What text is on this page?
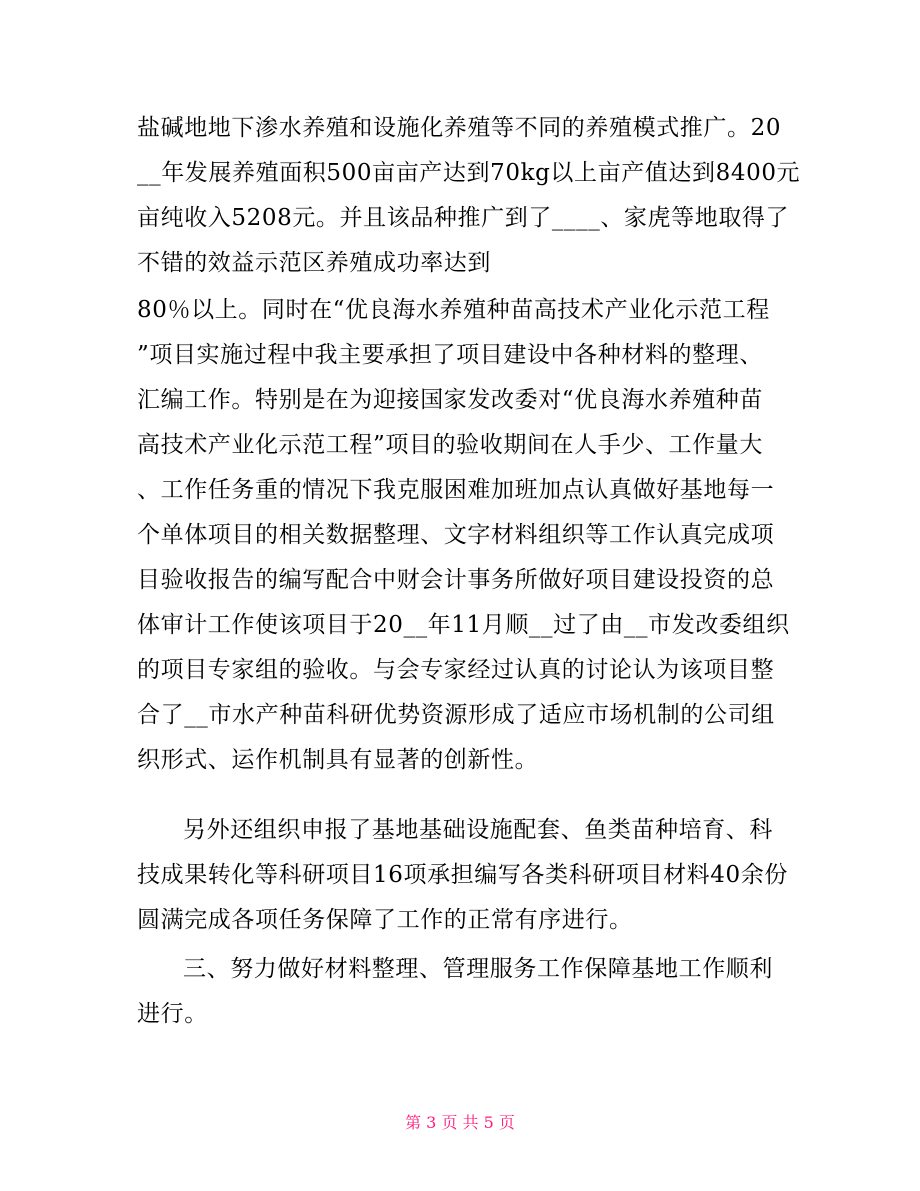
盐碱地地下渗水养殖和设施化养殖等不同的养殖模式推广。20
__年发展养殖面积500亩亩产达到70kg以上亩产值达到8400元
亩纯收入5208元。并且该品种推广到了____、家虎等地取得了
不错的效益示范区养殖成功率达到
80％以上。同时在“优良海水养殖种苗高技术产业化示范工程
”项目实施过程中我主要承担了项目建设中各种材料的整理、
汇编工作。特别是在为迎接国家发改委对“优良海水养殖种苗
高技术产业化示范工程”项目的验收期间在人手少、工作量大
、工作任务重的情况下我克服困难加班加点认真做好基地每一
个单体项目的相关数据整理、文字材料组织等工作认真完成项
目验收报告的编写配合中财会计事务所做好项目建设投资的总
体审计工作使该项目于20__年11月顺__过了由__市发改委组织
的项目专家组的验收。与会专家经过认真的讨论认为该项目整
合了__市水产种苗科研优势资源形成了适应市场机制的公司组
织形式、运作机制具有显著的创新性。
另外还组织申报了基地基础设施配套、鱼类苗种培育、科
技成果转化等科研项目16项承担编写各类科研项目材料40余份
圆满完成各项任务保障了工作的正常有序进行。
三、努力做好材料整理、管理服务工作保障基地工作顺利
进行。
第 3 页 共 5 页
